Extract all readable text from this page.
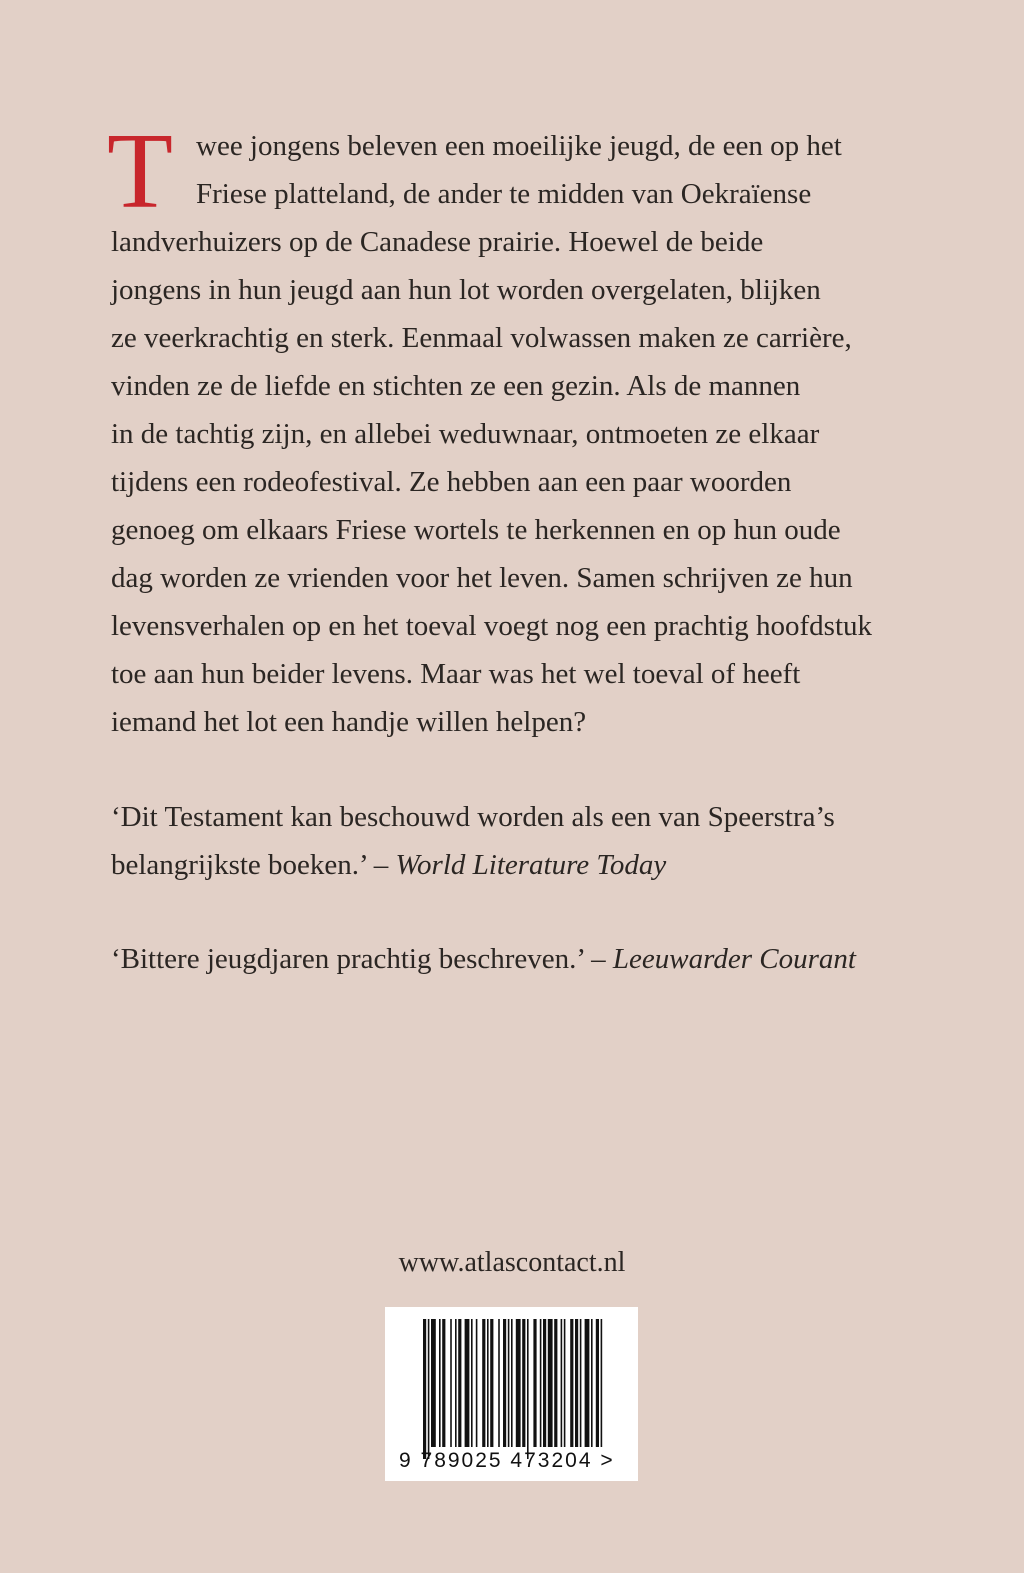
T wee jongens beleven een moeilijke jeugd, de een op het
Friese platteland, de ander te midden van Oekraïense
landverhuizers op de Canadese prairie. Hoewel de beide
jongens in hun jeugd aan hun lot worden overgelaten, blijken
ze veerkrachtig en sterk. Eenmaal volwassen maken ze carrière,
vinden ze de liefde en stichten ze een gezin. Als de mannen
in de tachtig zijn, en allebei weduwnaar, ontmoeten ze elkaar
tijdens een rodeofestival. Ze hebben aan een paar woorden
genoeg om elkaars Friese wortels te herkennen en op hun oude
dag worden ze vrienden voor het leven. Samen schrijven ze hun
levensverhalen op en het toeval voegt nog een prachtig hoofdstuk
toe aan hun beider levens. Maar was het wel toeval of heeft
iemand het lot een handje willen helpen?
‘Dit Testament kan beschouwd worden als een van Speerstra’s
belangrijkste boeken.’ – World Literature Today
‘Bittere jeugdjaren prachtig beschreven.’ – Leeuwarder Courant
www.atlascontact.nl
9 789025 473204 >
